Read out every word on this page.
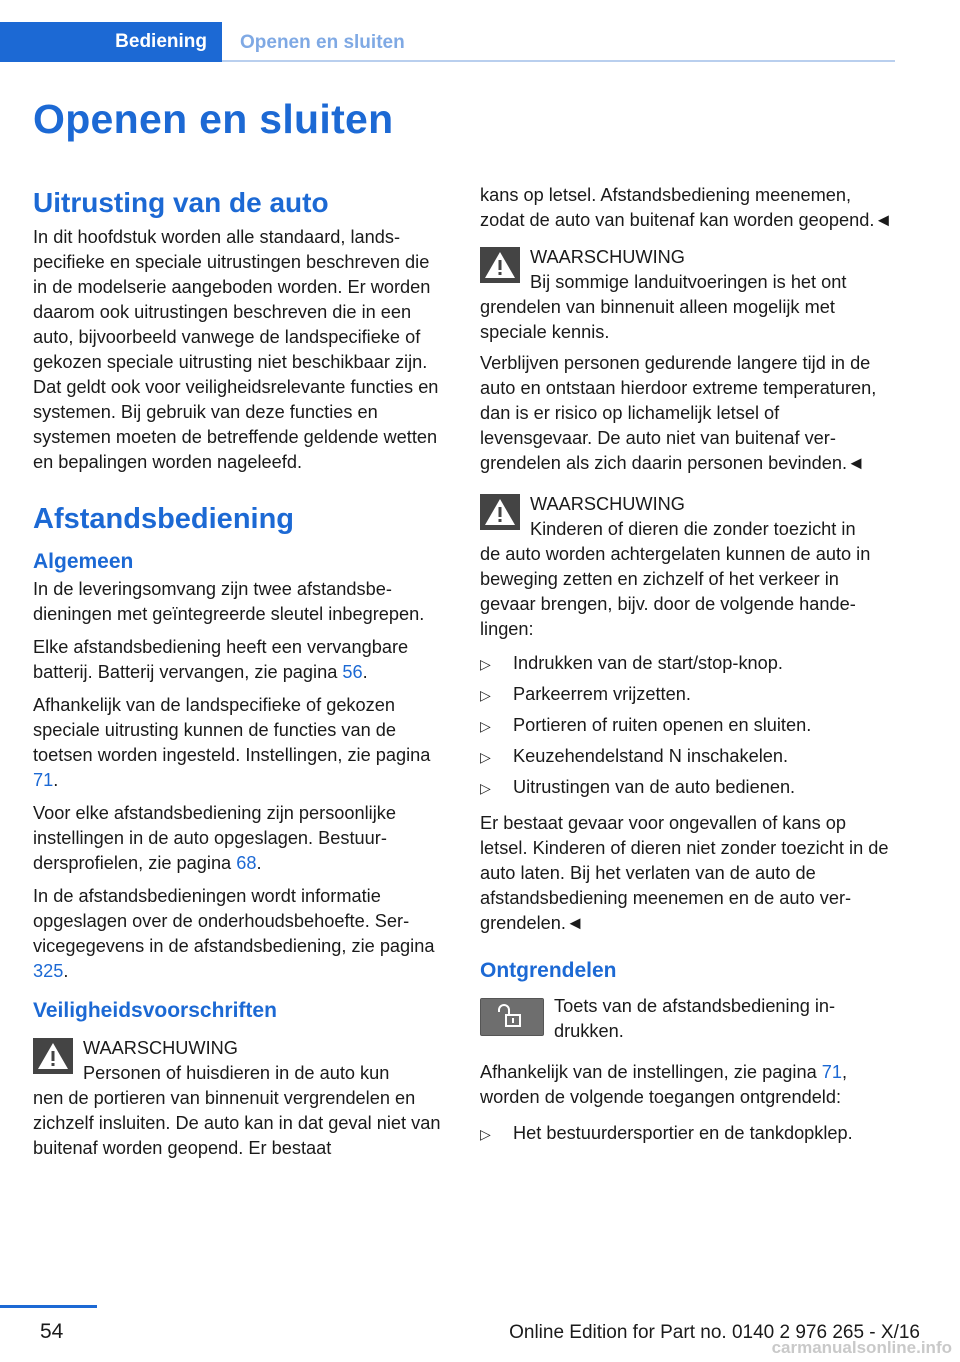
Bediening Openen en sluiten
Openen en sluiten
Uitrusting van de auto

In dit hoofdstuk worden alle standaard, landspecifieke en speciale uitrustingen beschreven die in de modelserie aangeboden worden. Er worden daarom ook uitrustingen beschreven die in een auto, bijvoorbeeld vanwege de landspecifieke of gekozen speciale uitrusting niet beschikbaar zijn. Dat geldt ook voor veiligheidsrelevante functies en systemen. Bij gebruik van deze functies en systemen moeten de betreffende geldende wetten en bepalingen worden nageleefd.

Afstandsbediening
Algemeen

In de leveringsomvang zijn twee afstandsbedieningen met geïntegreerde sleutel inbegrepen.

Elke afstandsbediening heeft een vervangbare batterij. Batterij vervangen, zie pagina 56.

Afhankelijk van de landspecifieke of gekozen speciale uitrusting kunnen de functies van de toetsen worden ingesteld. Instellingen, zie pagina 71.

Voor elke afstandsbediening zijn persoonlijke instellingen in de auto opgeslagen. Bestuurdersprofielen, zie pagina 68.

In de afstandsbedieningen wordt informatie opgeslagen over de onderhoudsbehoefte. Servicegegevens in de afstandsbediening, zie pagina 325.

Veiligheidsvoorschriften
WAARSCHUWING
Personen of huisdieren in de auto kun
nen de portieren van binnenuit vergrendelen en zichzelf insluiten. De auto kan in dat geval niet van buitenaf worden geopend. Er bestaat

kans op letsel. Afstandsbediening meenemen, zodat de auto van buitenaf kan worden geopend.◄

WAARSCHUWING
Bij sommige landuitvoeringen is het ont
grendelen van binnenuit alleen mogelijk met speciale kennis.

Verblijven personen gedurende langere tijd in de auto en ontstaan hierdoor extreme temperaturen, dan is er risico op lichamelijk letsel of levensgevaar. De auto niet van buitenaf vergrendelen als zich daarin personen bevinden.◄

WAARSCHUWING
Kinderen of dieren die zonder toezicht in
de auto worden achtergelaten kunnen de auto in beweging zetten en zichzelf of het verkeer in gevaar brengen, bijv. door de volgende handelingen:
▷ Indrukken van de start/stop-knop.
▷ Parkeerrem vrijzetten.
▷ Portieren of ruiten openen en sluiten.
▷ Keuzehendelstand N inschakelen.
▷ Uitrustingen van de auto bedienen.

Er bestaat gevaar voor ongevallen of kans op letsel. Kinderen of dieren niet zonder toezicht in de auto laten. Bij het verlaten van de auto de afstandsbediening meenemen en de auto vergrendelen.◄

Ontgrendelen
Toets van de afstandsbediening indrukken.

Afhankelijk van de instellingen, zie pagina 71, worden de volgende toegangen ontgrendeld:

▷ Het bestuurdersportier en de tankdopklep.
54	Online Edition for Part no. 0140 2 976 265 - X/16
carmanualsonline.info
